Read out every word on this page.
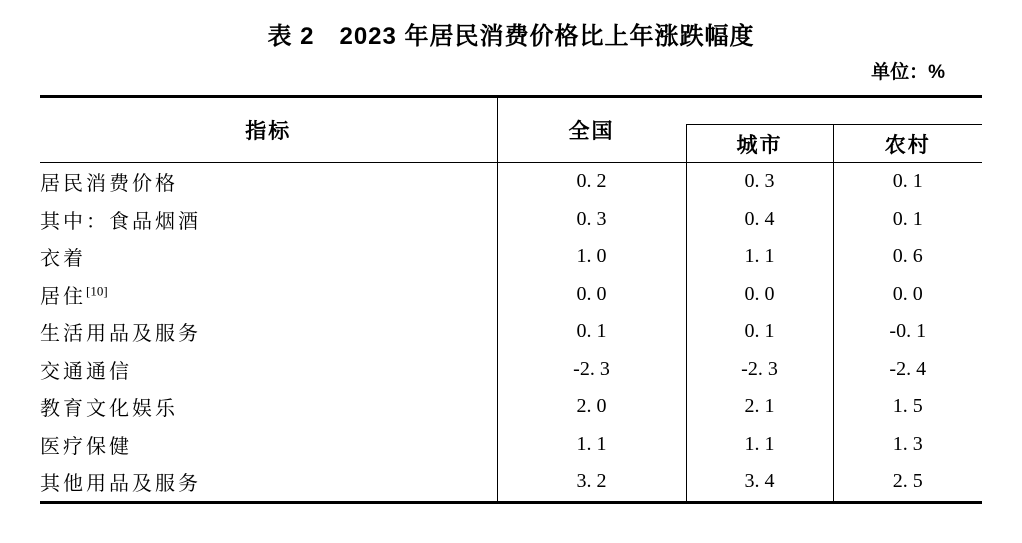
表 2　2023 年居民消费价格比上年涨跌幅度
单位：%
指标	全国		
		城市	农村
居民消费价格	0. 2	0. 3	0. 1
其中：食品烟酒	0. 3	0. 4	0. 1
衣着	1. 0	1. 1	0. 6
居住[10]	0. 0	0. 0	0. 0
生活用品及服务	0. 1	0. 1	-0. 1
交通通信	-2. 3	-2. 3	-2. 4
教育文化娱乐	2. 0	2. 1	1. 5
医疗保健	1. 1	1. 1	1. 3
其他用品及服务	3. 2	3. 4	2. 5
